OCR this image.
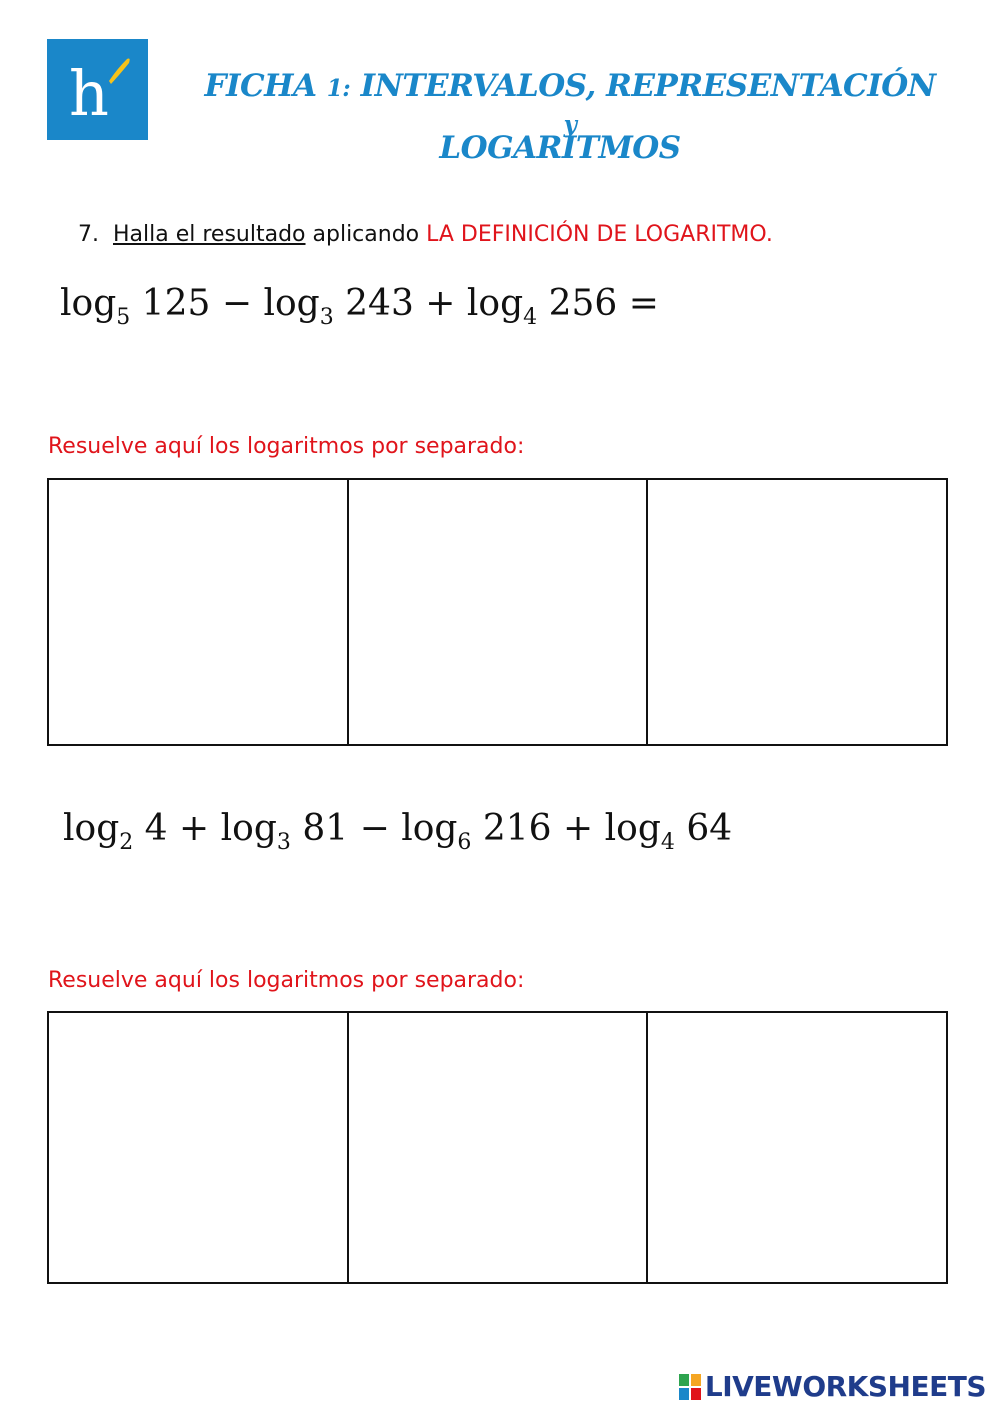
h	FICHA 1: INTERVALOS, REPRESENTACIÓN y
LOGARITMOS
7. Halla el resultado aplicando LA DEFINICIÓN DE LOGARITMO.
$\log_5 125 - \log_3 243 + \log_4 256$ =
Resuelve aquí los logaritmos por separado:
$\log_2 4 + \log_3 81 - \log_6 216 + \log_4 64$
Resuelve aquí los logaritmos por separado:
LIVEWORKSHEETS
